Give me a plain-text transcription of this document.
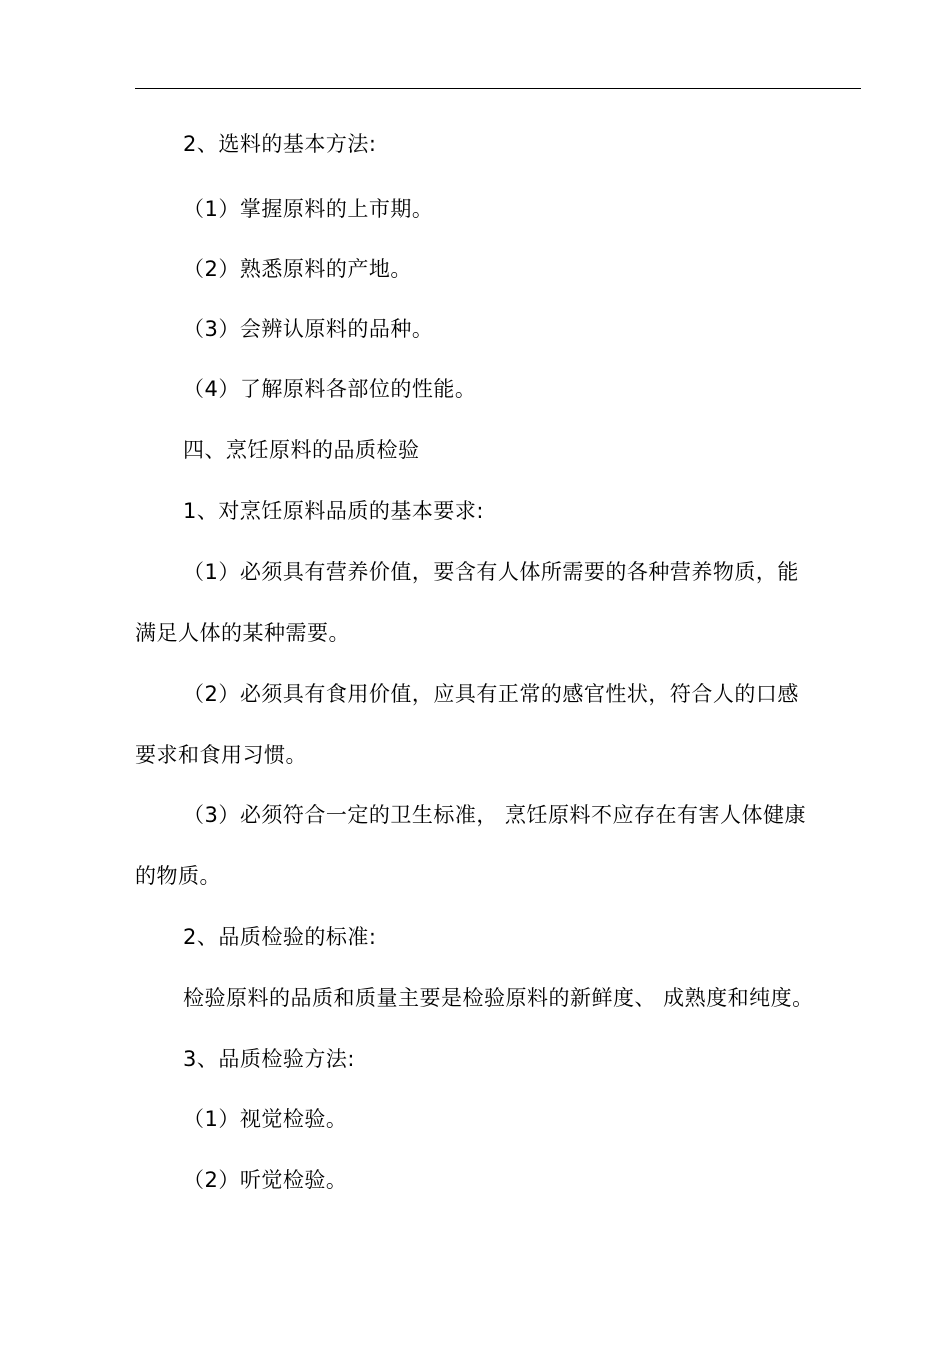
2、选料的基本方法:
（1）掌握原料的上市期。
（2）熟悉原料的产地。
（3）会辨认原料的品种。
（4）了解原料各部位的性能。
四、烹饪原料的品质检验
1、对烹饪原料品质的基本要求:
（1）必须具有营养价值，要含有人体所需要的各种营养物质，能
满足人体的某种需要。
（2）必须具有食用价值，应具有正常的感官性状，符合人的口感
要求和食用习惯。
（3）必须符合一定的卫生标准， 烹饪原料不应存在有害人体健康
的物质。
2、品质检验的标准:
检验原料的品质和质量主要是检验原料的新鲜度、 成熟度和纯度。
3、品质检验方法:
（1）视觉检验。
（2）听觉检验。
